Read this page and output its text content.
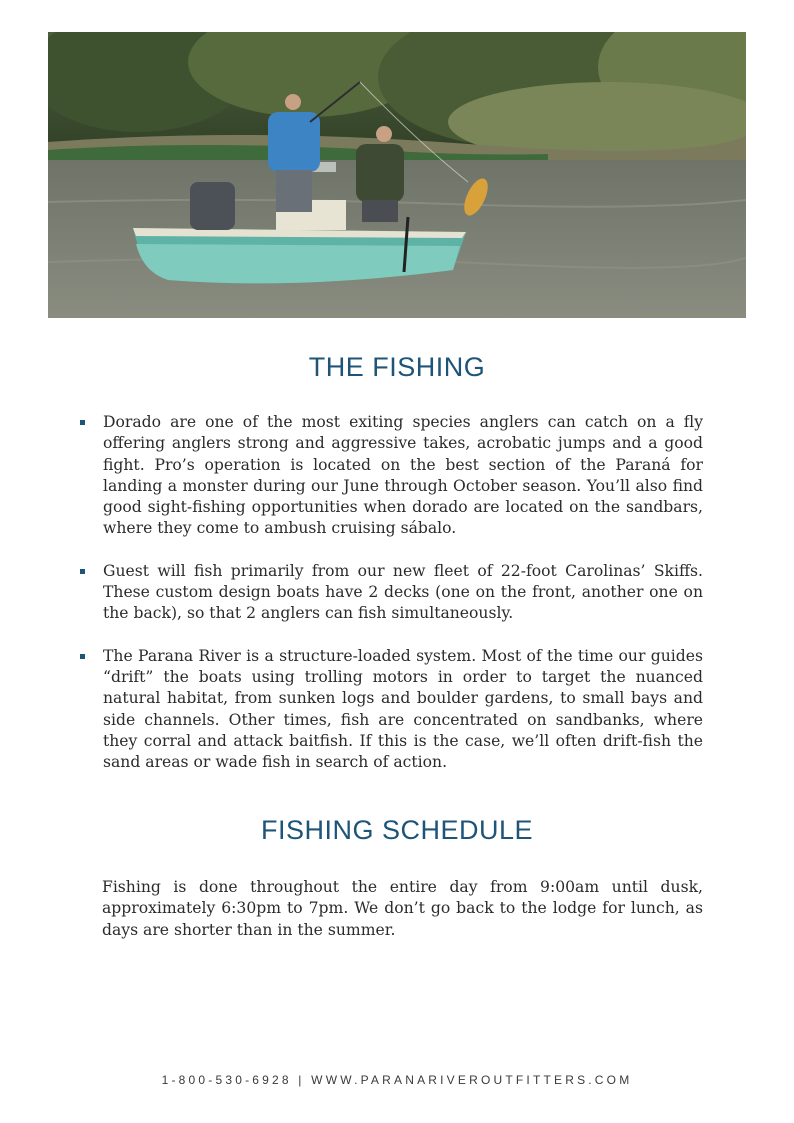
THE FISHING
Dorado are one of the most exiting species anglers can catch on a fly offering anglers strong and aggressive takes, acrobatic jumps and a good fight. Pro’s operation is located on the best section of the Paraná for landing a monster during our June through October season. You’ll also find good sight-fishing opportunities when dorado are located on the sandbars, where they come to ambush cruising sábalo.
Guest will fish primarily from our new fleet of 22-foot Carolinas’ Skiffs. These custom design boats have 2 decks (one on the front, another one on the back), so that 2 anglers can fish simultaneously.
The Parana River is a structure-loaded system. Most of the time our guides “drift” the boats using trolling motors in order to target the nuanced natural habitat, from sunken logs and boulder gardens, to small bays and side channels. Other times, fish are concentrated on sandbanks, where they corral and attack baitfish. If this is the case, we’ll often drift-fish the sand areas or wade fish in search of action.
FISHING SCHEDULE

Fishing is done throughout the entire day from 9:00am until dusk, approximately 6:30pm to 7pm. We don’t go back to the lodge for lunch, as days are shorter than in the summer.

1-800-530-6928 | WWW.PARANARIVEROUTFITTERS.COM
